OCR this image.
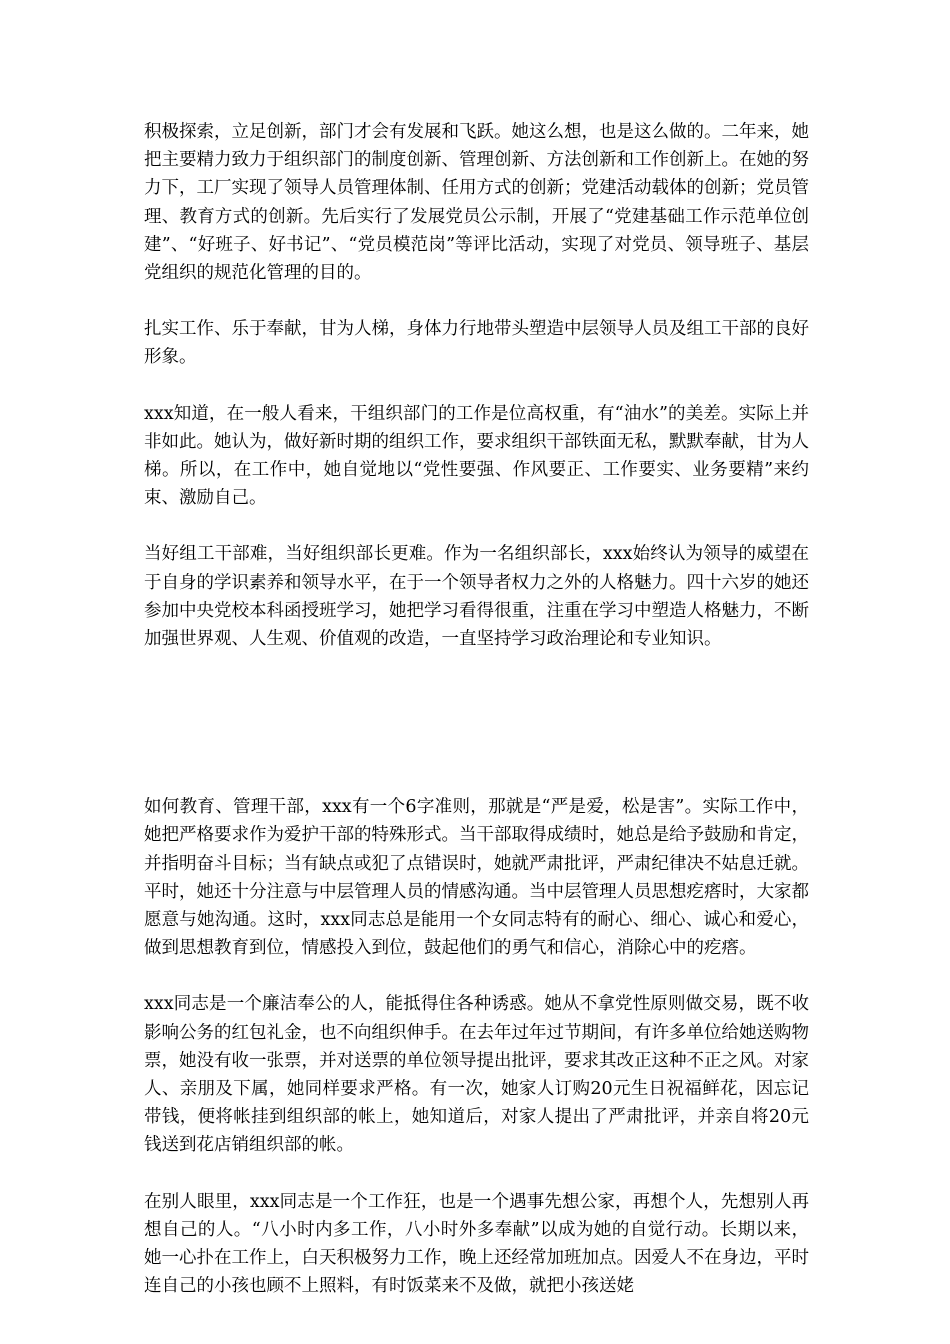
积极探索，立足创新，部门才会有发展和飞跃。她这么想，也是这么做的。二年来，她把主要精力致力于组织部门的制度创新、管理创新、方法创新和工作创新上。在她的努力下，工厂实现了领导人员管理体制、任用方式的创新；党建活动载体的创新；党员管理、教育方式的创新。先后实行了发展党员公示制，开展了“党建基础工作示范单位创建”、“好班子、好书记”、“党员模范岗”等评比活动，实现了对党员、领导班子、基层党组织的规范化管理的目的。

扎实工作、乐于奉献，甘为人梯，身体力行地带头塑造中层领导人员及组工干部的良好形象。

xxx知道，在一般人看来，干组织部门的工作是位高权重，有“油水”的美差。实际上并非如此。她认为，做好新时期的组织工作，要求组织干部铁面无私，默默奉献，甘为人梯。所以，在工作中，她自觉地以“党性要强、作风要正、工作要实、业务要精”来约束、激励自己。

当好组工干部难，当好组织部长更难。作为一名组织部长，xxx始终认为领导的威望在于自身的学识素养和领导水平，在于一个领导者权力之外的人格魅力。四十六岁的她还参加中央党校本科函授班学习，她把学习看得很重，注重在学习中塑造人格魅力，不断加强世界观、人生观、价值观的改造，一直坚持学习政治理论和专业知识。

如何教育、管理干部，xxx有一个6字准则，那就是“严是爱，松是害”。实际工作中，她把严格要求作为爱护干部的特殊形式。当干部取得成绩时，她总是给予鼓励和肯定，并指明奋斗目标；当有缺点或犯了点错误时，她就严肃批评，严肃纪律决不姑息迁就。平时，她还十分注意与中层管理人员的情感沟通。当中层管理人员思想疙瘩时，大家都愿意与她沟通。这时，xxx同志总是能用一个女同志特有的耐心、细心、诚心和爱心，做到思想教育到位，情感投入到位，鼓起他们的勇气和信心，消除心中的疙瘩。

xxx同志是一个廉洁奉公的人，能抵得住各种诱惑。她从不拿党性原则做交易，既不收影响公务的红包礼金，也不向组织伸手。在去年过年过节期间，有许多单位给她送购物票，她没有收一张票，并对送票的单位领导提出批评，要求其改正这种不正之风。对家人、亲朋及下属，她同样要求严格。有一次，她家人订购20元生日祝福鲜花，因忘记带钱，便将帐挂到组织部的帐上，她知道后，对家人提出了严肃批评，并亲自将20元钱送到花店销组织部的帐。

在别人眼里，xxx同志是一个工作狂，也是一个遇事先想公家，再想个人，先想别人再想自己的人。“八小时内多工作，八小时外多奉献”以成为她的自觉行动。长期以来，她一心扑在工作上，白天积极努力工作，晚上还经常加班加点。因爱人不在身边，平时连自己的小孩也顾不上照料，有时饭菜来不及做，就把小孩送姥
